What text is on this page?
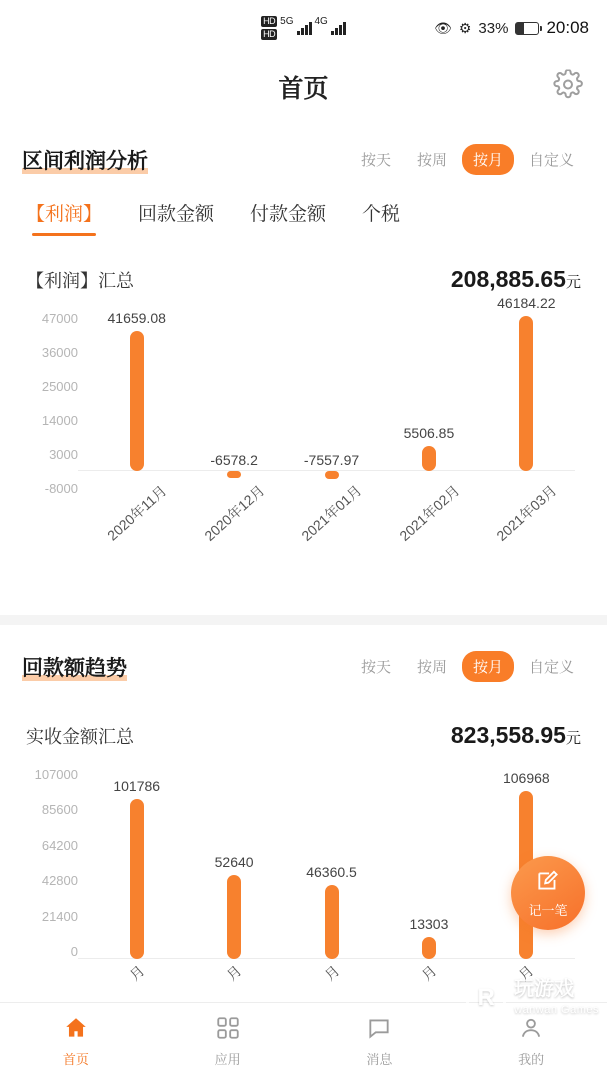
HD
HD
5G 4G	👁 ⚙︎ 33% 20:08
首页
区间利润分析	按天	按周	按月	自定义
【利润】 回款金额 付款金额 个税
【利润】汇总	208,885.65元
47000
36000
25000
14000
3000
-8000
41659.08
-6578.2	-7557.97
5506.85
46184.22
2020年11月	2020年12月	2021年01月	2021年02月	2021年03月
回款额趋势	按天	按周	按月	自定义
实收金额汇总	823,558.95元
107000
85600
64200
42800
21400
0
101786
52640
46360.5
13303
106968
月	月	月	月	月
记一笔
R 玩游戏
wanwan Games
首页	应用	消息	我的
